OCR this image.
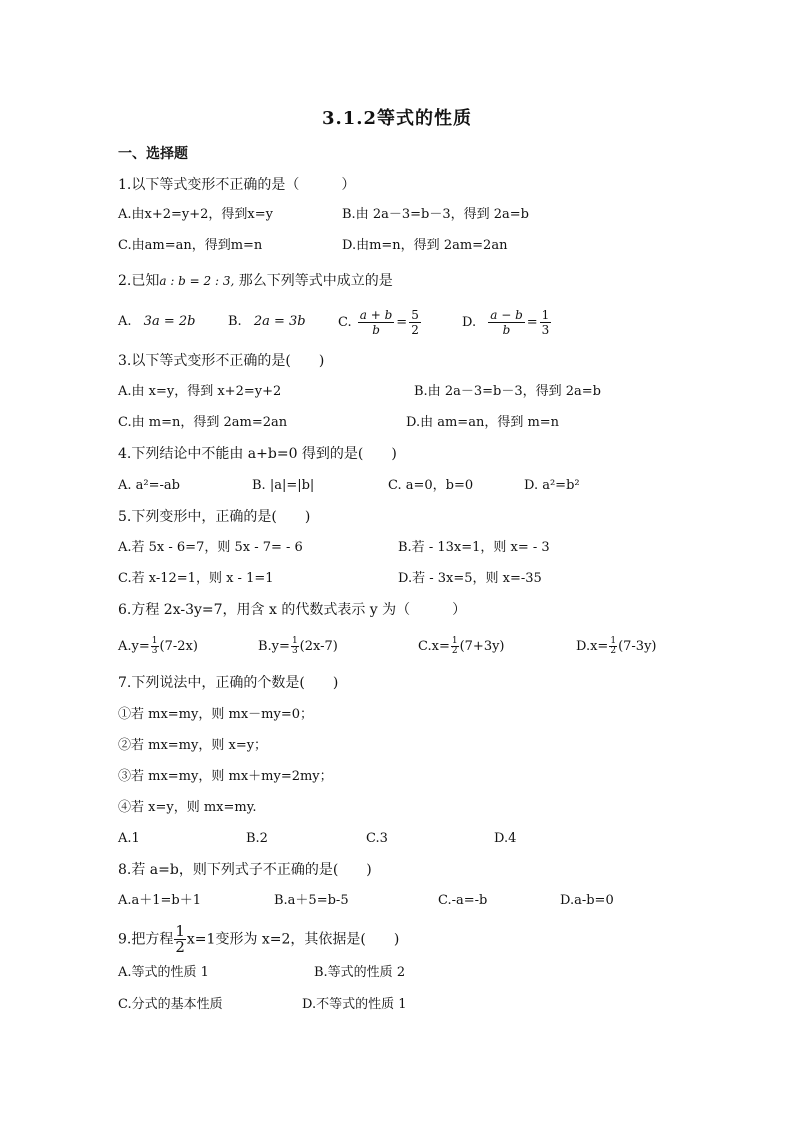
3.1.2等式的性质
一、选择题
1.以下等式变形不正确的是（　　　）
A.由x+2=y+2，得到x=y	B.由 2a－3=b－3，得到 2a=b
C.由am=an，得到m=n	D.由m=n，得到 2am=2an
2.已知a : b = 2 : 3, 那么下列等式中成立的是
A. 3a = 2b	B. 2a = 3b C. $\frac{a + b}{b} = \frac{5}{2}$	D. $\frac{a - b}{b} = \frac{1}{3}$
3.以下等式变形不正确的是(　　)
A.由 x=y，得到 x+2=y+2	B.由 2a－3=b－3，得到 2a=b
C.由 m=n，得到 2am=2an	D.由 am=an，得到 m=n
4.下列结论中不能由 a+b=0 得到的是(　　)
A. a²=-ab	B. |a|=|b|	C. a=0，b=0	D. a²=b²
5.下列变形中，正确的是(　　)
A.若 5x - 6=7，则 5x - 7= - 6	B.若 - 13x=1，则 x= - 3
C.若 x-12=1，则 x - 1=1	D.若 - 3x=5，则 x=-35
6.方程 2x-3y=7，用含 x 的代数式表示 y 为（　　　）
$A.y= \frac{1}{3} (7-2x)$	$B.y= \frac{1}{3} (2x-7)$	$C.x= \frac{1}{2} (7+3y)$	$D.x= \frac{1}{2} (7-3y)$
7.下列说法中，正确的个数是(　　)
①若 mx=my，则 mx－my=0；
②若 mx=my，则 x=y；
③若 mx=my，则 mx＋my=2my；
④若 x=y，则 mx=my.
A.1	B.2	C.3	D.4
8.若 a=b，则下列式子不正确的是(　　)
A.a＋1=b＋1	B.a＋5=b-5	C.-a=-b	D.a-b=0
9.把方程 $\frac{1}{2} x=1$变形为 x=2，其依据是(　　)
A.等式的性质 1	B.等式的性质 2
C.分式的基本性质	D.不等式的性质 1
